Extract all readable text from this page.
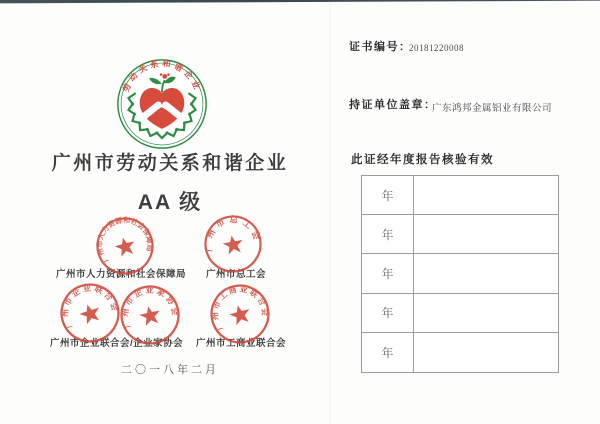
劳动关系和谐企业
广州市劳动关系和谐企业
AA 级
广州市人力资源和社会保障局 广州市总工会
广州市企业联合会/企业家协会 广州市工商业联合会
广州市人力资源和社会保障局	广州市总工会
广州市企业联合会
广州市企业家协会
广州市工商业联合会
二〇一八年二月
证书编号：
20181220008
持证单位盖章：
广东鸿邦金属铝业有限公司
此证经年度报告核验有效
年
年
年
年
年
